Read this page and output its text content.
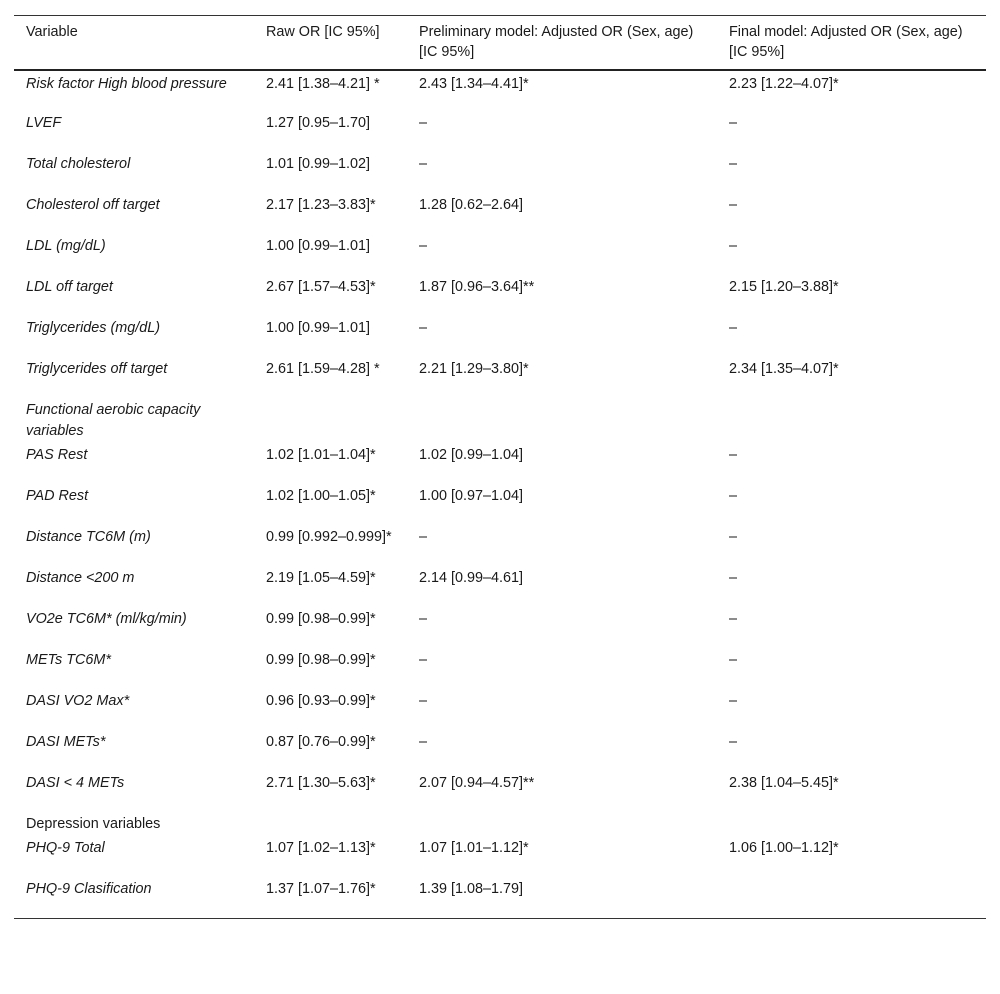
Variable	Raw OR [IC 95%]	Preliminary model: Adjusted OR (Sex, age) [IC 95%]	Final model: Adjusted OR (Sex, age) [IC 95%]
Risk factor High blood pressure	2.41 [1.38–4.21] *	2.43 [1.34–4.41]*	2.23 [1.22–4.07]*
LVEF	1.27 [0.95–1.70]	–	–
Total cholesterol	1.01 [0.99–1.02]	–	–
Cholesterol off target	2.17 [1.23–3.83]*	1.28 [0.62–2.64]	–
LDL (mg/dL)	1.00 [0.99–1.01]	–	–
LDL off target	2.67 [1.57–4.53]*	1.87 [0.96–3.64]**	2.15 [1.20–3.88]*
Triglycerides (mg/dL)	1.00 [0.99–1.01]	–	–
Triglycerides off target	2.61 [1.59–4.28] *	2.21 [1.29–3.80]*	2.34 [1.35–4.07]*
Functional aerobic capacity variables			
PAS Rest	1.02 [1.01–1.04]*	1.02 [0.99–1.04]	–
PAD Rest	1.02 [1.00–1.05]*	1.00 [0.97–1.04]	–
Distance TC6M (m)	0.99 [0.992–0.999]*	–	–
Distance <200 m	2.19 [1.05–4.59]*	2.14 [0.99–4.61]	–
VO2e TC6M* (ml/kg/min)	0.99 [0.98–0.99]*	–	–
METs TC6M*	0.99 [0.98–0.99]*	–	–
DASI VO2 Max*	0.96 [0.93–0.99]*	–	–
DASI METs*	0.87 [0.76–0.99]*	–	–
DASI < 4 METs	2.71 [1.30–5.63]*	2.07 [0.94–4.57]**	2.38 [1.04–5.45]*
Depression variables			
PHQ-9 Total	1.07 [1.02–1.13]*	1.07 [1.01–1.12]*	1.06 [1.00–1.12]*
PHQ-9 Clasification	1.37 [1.07–1.76]*	1.39 [1.08–1.79]	
